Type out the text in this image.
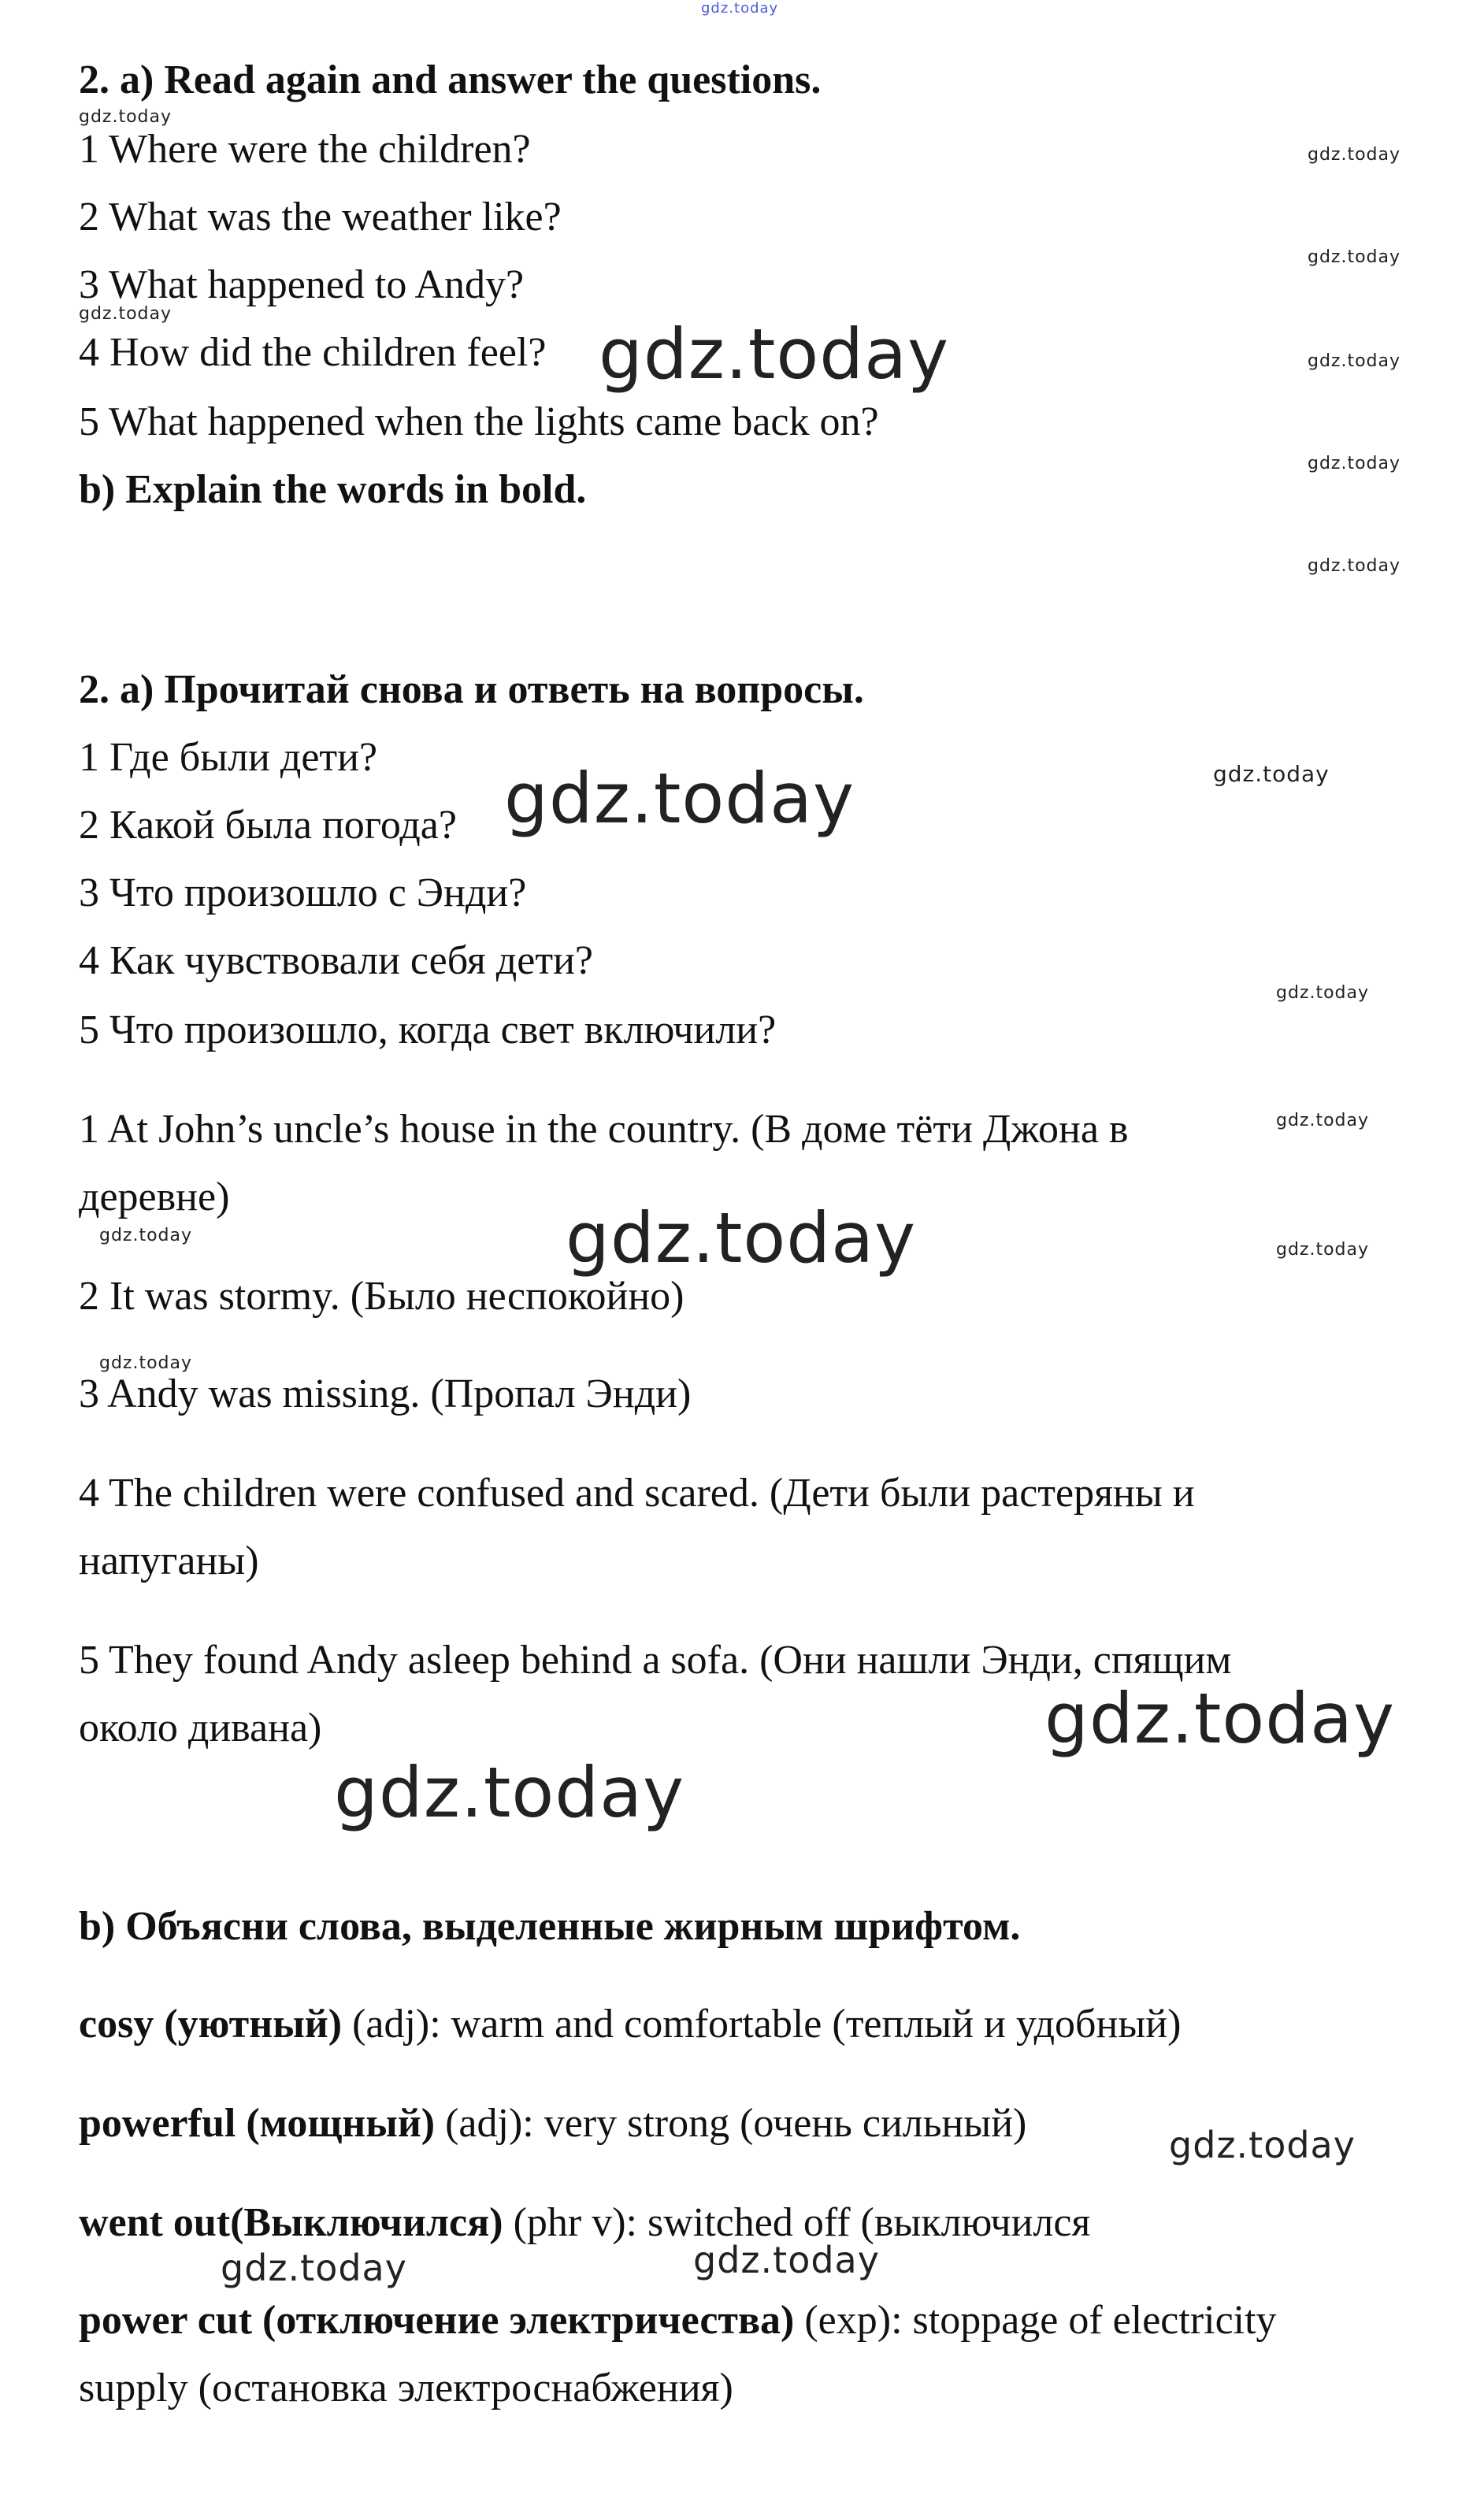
gdz.today
2. a) Read again and answer the questions.
1 Where were the children?
2 What was the weather like?
3 What happened to Andy?
4 How did the children feel?
5 What happened when the lights came back on?
b) Explain the words in bold.
2. а) Прочитай снова и ответь на вопросы.
1 Где были дети?
2 Какой была погода?
3 Что произошло с Энди?
4 Как чувствовали себя дети?
5 Что произошло, когда свет включили?
1 At John’s uncle’s house in the country. (В доме тёти Джона в
деревне)
2 It was stormy. (Было неспокойно)
3 Andy was missing. (Пропал Энди)
4 The children were confused and scared. (Дети были растеряны и
напуганы)
5 They found Andy asleep behind a sofa. (Они нашли Энди, спящим
около дивана)
b) Объясни слова, выделенные жирным шрифтом.
cosy (уютный) (adj): warm and comfortable (теплый и удобный)
powerful (мощный) (adj): very strong (очень сильный)
went out(Выключился) (phr v): switched off (выключился
power cut (отключение электричества) (exp): stoppage of electricity
supply (остановка электроснабжения)
gdz.today
gdz.today	gdz.today
gdz.today
gdz.today
gdz.today
gdz.today
gdz.today
gdz.today
gdz.today
gdz.today
gdz.today
gdz.today
gdz.today
gdz.today
gdz.today
gdz.today
gdz.today
gdz.today
gdz.today	gdz.today
